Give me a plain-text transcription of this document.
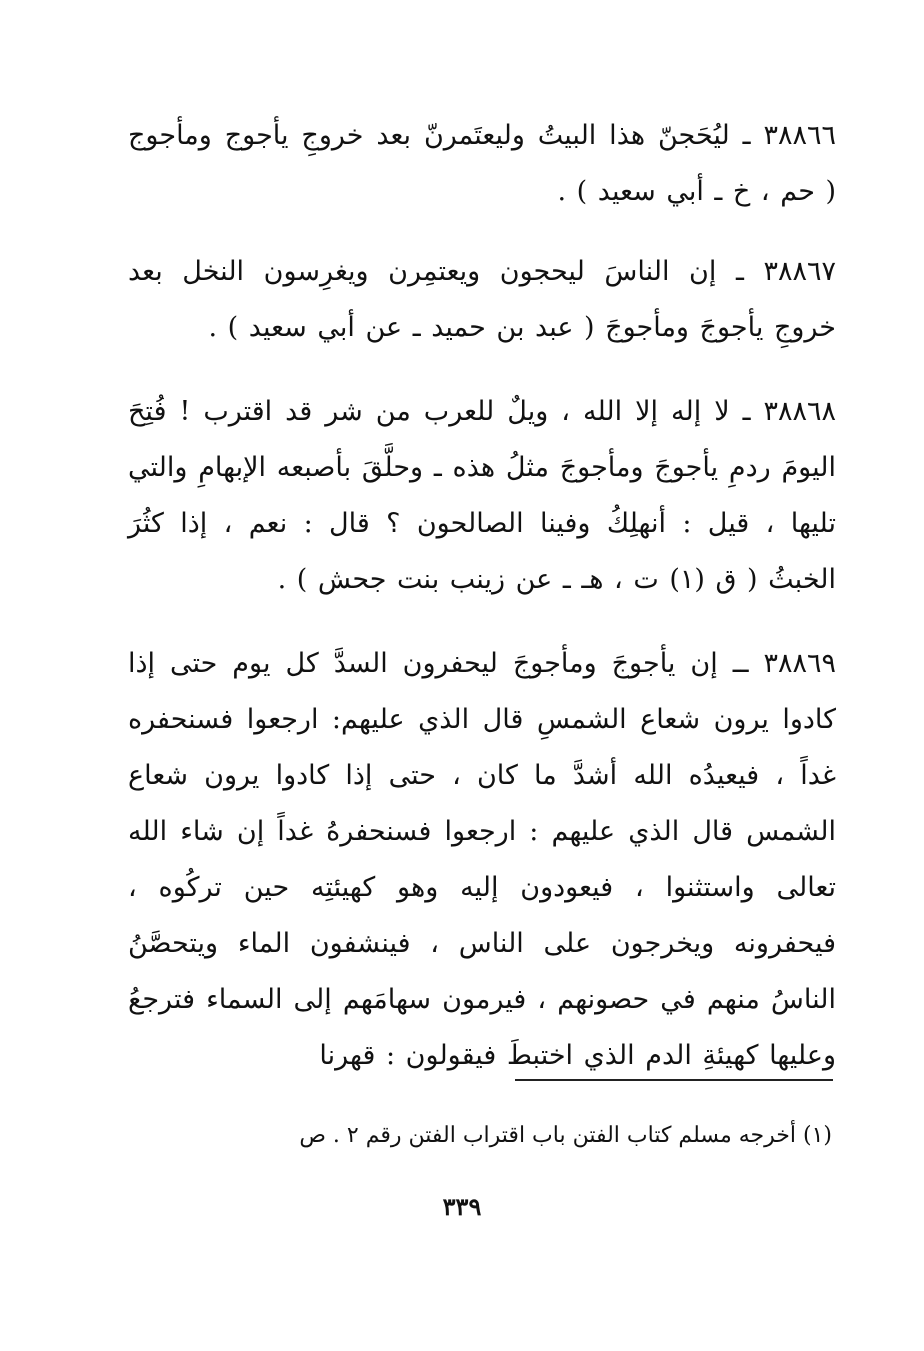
٣٨٨٦٦ ـ ليُحَجنّ هذا البيتُ وليعتَمرنّ بعد خروجِ يأجوج ومأجوج ( حم ، خ ـ أبي سعيد ) .

٣٨٨٦٧ ـ إن الناسَ ليحجون ويعتمِرن ويغرِسون النخل بعد خروجِ يأجوجَ ومأجوجَ ( عبد بن حميد ـ عن أبي سعيد ) .

٣٨٨٦٨ ـ لا إله إلا الله ، ويلٌ للعرب من شر قد اقترب ! فُتِحَ اليومَ ردمِ يأجوجَ ومأجوجَ مثلُ هذه ـ وحلَّقَ بأصبعه الإبهامِ والتي تليها ، قيل : أنهلِكُ وفينا الصالحون ؟ قال : نعم ، إذا كثُرَ الخبثُ ( ق (١) ت ، هـ ـ عن زينب بنت جحش ) .

٣٨٨٦٩ ــ إن يأجوجَ ومأجوجَ ليحفرون السدَّ كل يوم حتى إذا كادوا يرون شعاع الشمسِ قال الذي عليهم: ارجعوا فسنحفره غداً ، فيعيدُه الله أشدَّ ما كان ، حتى إذا كادوا يرون شعاع الشمس قال الذي عليهم : ارجعوا فسنحفرهُ غداً إن شاء الله تعالى واستثنوا ، فيعودون إليه وهو كهيئتِه حين تركُوه ، فيحفرونه ويخرجون على الناس ، فينشفون الماء ويتحصَّنُ الناسُ منهم في حصونهم ، فيرمون سهامَهم إلى السماء فترجعُ وعليها كهيئةِ الدم الذي اختبطَ فيقولون : قهرنا

(١) أخرجه مسلم كتاب الفتن باب اقتراب الفتن رقم ٢ . ص
٣٣٩
